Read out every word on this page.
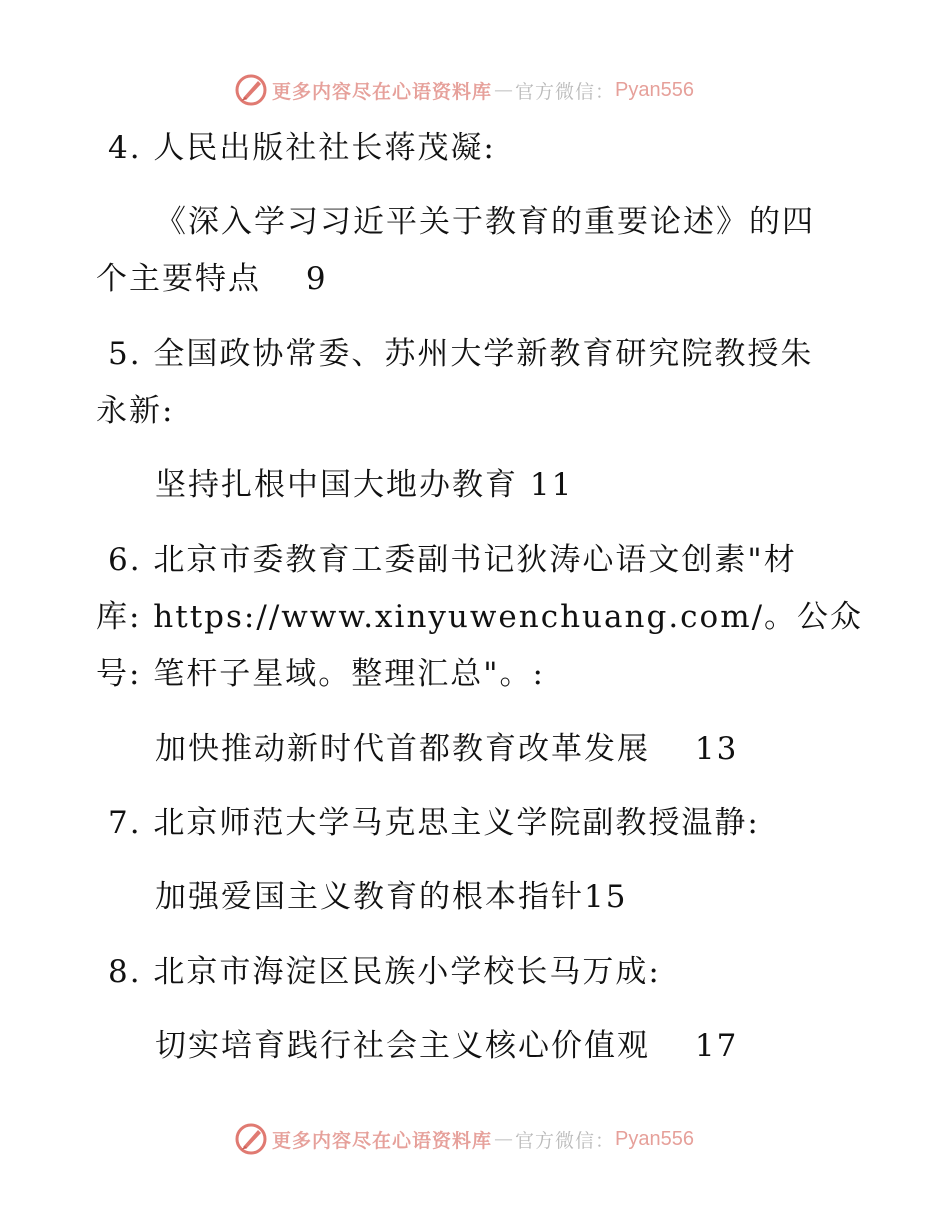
更多内容尽在心语资料库 — 官方微信： Pyan556
4. 人民出版社社长蒋茂凝:
《深入学习习近平关于教育的重要论述》的四
个主要特点　 9
5. 全国政协常委、苏州大学新教育研究院教授朱
永新:
坚持扎根中国大地办教育 11
6. 北京市委教育工委副书记狄涛心语文创素"材
库: https://www.xinyuwenchuang.com/。公众
号: 笔杆子星域。整理汇总"。:
加快推动新时代首都教育改革发展　 13
7. 北京师范大学马克思主义学院副教授温静:
加强爱国主义教育的根本指针15
8. 北京市海淀区民族小学校长马万成:
切实培育践行社会主义核心价值观　 17
更多内容尽在心语资料库 — 官方微信： Pyan556
